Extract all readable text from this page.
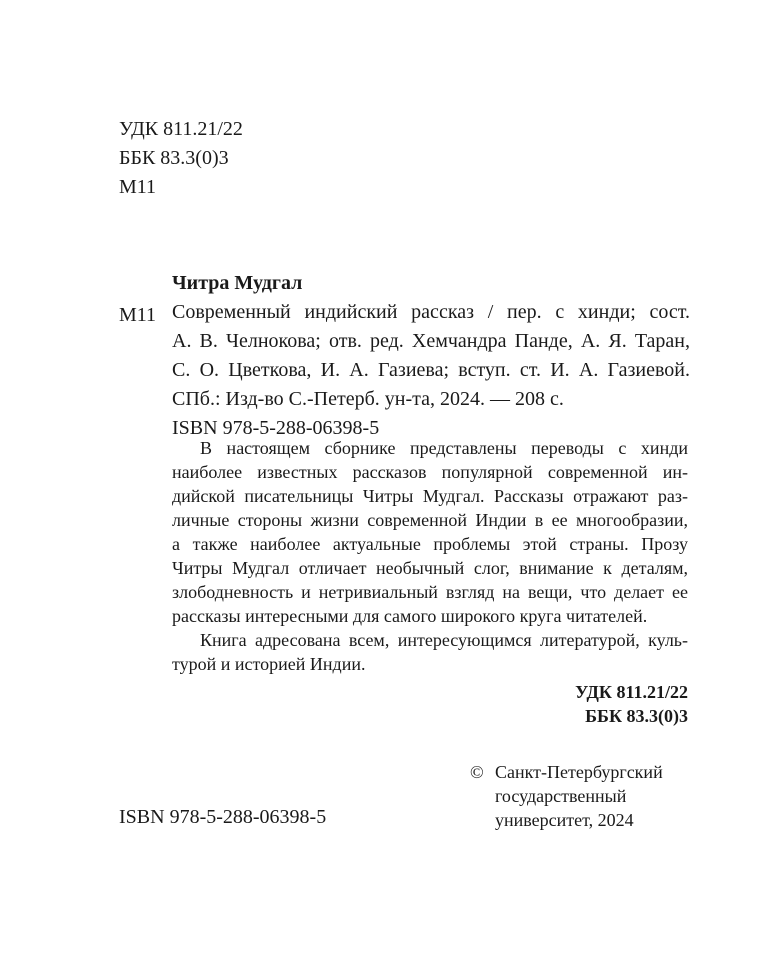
УДК 811.21/22
ББК 83.3(0)3
М11
Читра Мудгал
М11 Современный индийский рассказ / пер. с хинди; сост.
А. В. Челнокова; отв. ред. Хемчандра Панде, А. Я. Таран,
С. О. Цветкова, И. А. Газиева; вступ. ст. И. А. Газиевой.
СПб.: Изд-во С.-Петерб. ун-та, 2024. — 208 с.
ISBN 978-5-288-06398-5
В настоящем сборнике представлены переводы с хинди
наиболее известных рассказов популярной современной ин-
дийской писательницы Читры Мудгал. Рассказы отражают раз-
личные стороны жизни современной Индии в ее многообразии,
а также наиболее актуальные проблемы этой страны. Прозу
Читры Мудгал отличает необычный слог, внимание к деталям,
злободневность и нетривиальный взгляд на вещи, что делает ее
рассказы интересными для самого широкого круга читателей.
Книга адресована всем, интересующимся литературой, куль-
турой и историей Индии.
УДК 811.21/22
ББК 83.3(0)3
© Санкт-Петербургский
государственный
университет, 2024
ISBN 978-5-288-06398-5
